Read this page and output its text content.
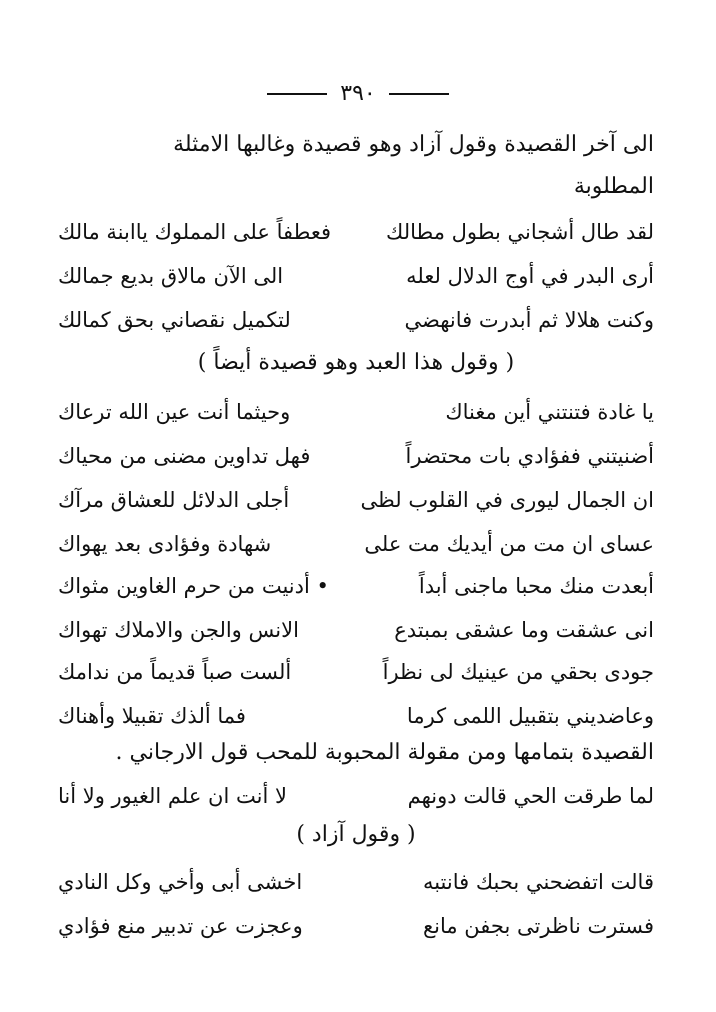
٣٩٠
الى آخر القصيدة وقول آزاد وهو قصيدة وغالبها الامثلة
المطلوبة
لقد طال أشجاني بطول مطالك
فعطفاً على المملوك ياابنة مالك
أرى البدر في أوج الدلال لعله
الى الآن مالاق بديع جمالك
وكنت هلالا ثم أبدرت فانهضي
لتكميل نقصاني بحق كمالك
( وقول هذا العبد وهو قصيدة أيضاً )
يا غادة فتنتني أين مغناك
وحيثما أنت عين الله ترعاك
أضنيتني ففؤادي بات محتضراً
فهل تداوين مضنى من محياك
ان الجمال ليورى في القلوب لظى
أجلى الدلائل للعشاق مرآك
عساى ان مت من أيديك مت على
شهادة وفؤادى بعد يهواك
أبعدت منك محبا ماجنى أبداً
• أدنيت من حرم الغاوين مثواك
انى عشقت وما عشقى بمبتدع
الانس والجن والاملاك تهواك
جودى بحقي من عينيك لى نظراً
ألست صباً قديماً من ندامك
وعاضديني بتقبيل اللمى كرما
فما ألذك تقبيلا وأهناك
القصيدة بتمامها ومن مقولة المحبوبة للمحب قول الارجاني .
لما طرقت الحي قالت دونهم
لا أنت ان علم الغيور ولا أنا
( وقول آزاد )
قالت اتفضحني بحبك فانتبه
اخشى أبى وأخي وكل النادي
فسترت ناظرتى بجفن مانع
وعجزت عن تدبير منع فؤادي
